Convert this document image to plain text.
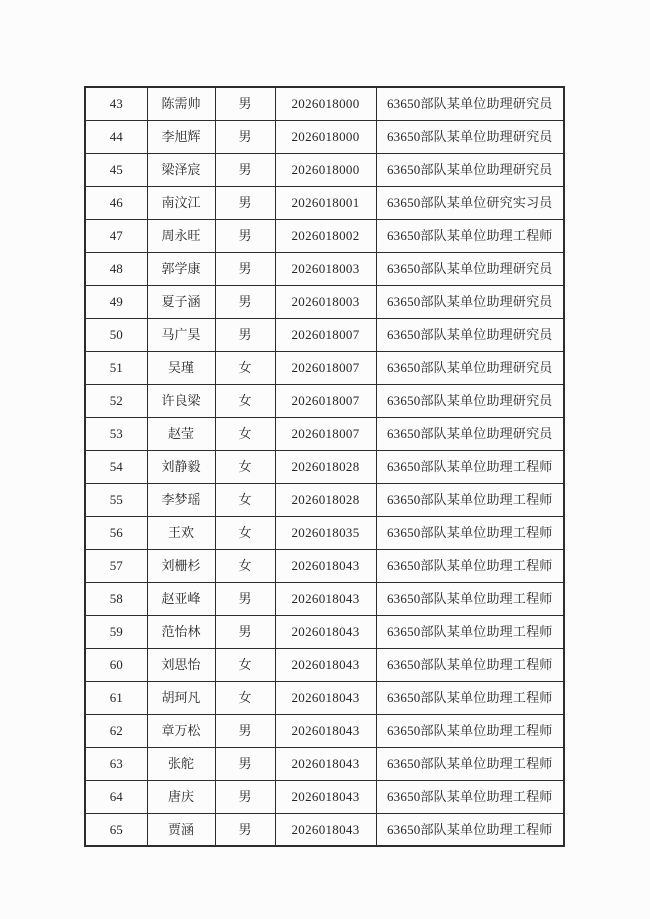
43	陈需帅	男	2026018000	63650部队某单位助理研究员
44	李旭辉	男	2026018000	63650部队某单位助理研究员
45	梁泽宸	男	2026018000	63650部队某单位助理研究员
46	南汶江	男	2026018001	63650部队某单位研究实习员
47	周永旺	男	2026018002	63650部队某单位助理工程师
48	郭学康	男	2026018003	63650部队某单位助理研究员
49	夏子涵	男	2026018003	63650部队某单位助理研究员
50	马广昊	男	2026018007	63650部队某单位助理研究员
51	吴瑾	女	2026018007	63650部队某单位助理研究员
52	许良梁	女	2026018007	63650部队某单位助理研究员
53	赵莹	女	2026018007	63650部队某单位助理研究员
54	刘静毅	女	2026018028	63650部队某单位助理工程师
55	李梦瑶	女	2026018028	63650部队某单位助理工程师
56	王欢	女	2026018035	63650部队某单位助理工程师
57	刘栅杉	女	2026018043	63650部队某单位助理工程师
58	赵亚峰	男	2026018043	63650部队某单位助理工程师
59	范怡林	男	2026018043	63650部队某单位助理工程师
60	刘思怡	女	2026018043	63650部队某单位助理工程师
61	胡珂凡	女	2026018043	63650部队某单位助理工程师
62	章万松	男	2026018043	63650部队某单位助理工程师
63	张舵	男	2026018043	63650部队某单位助理工程师
64	唐庆	男	2026018043	63650部队某单位助理工程师
65	贾涵	男	2026018043	63650部队某单位助理工程师
